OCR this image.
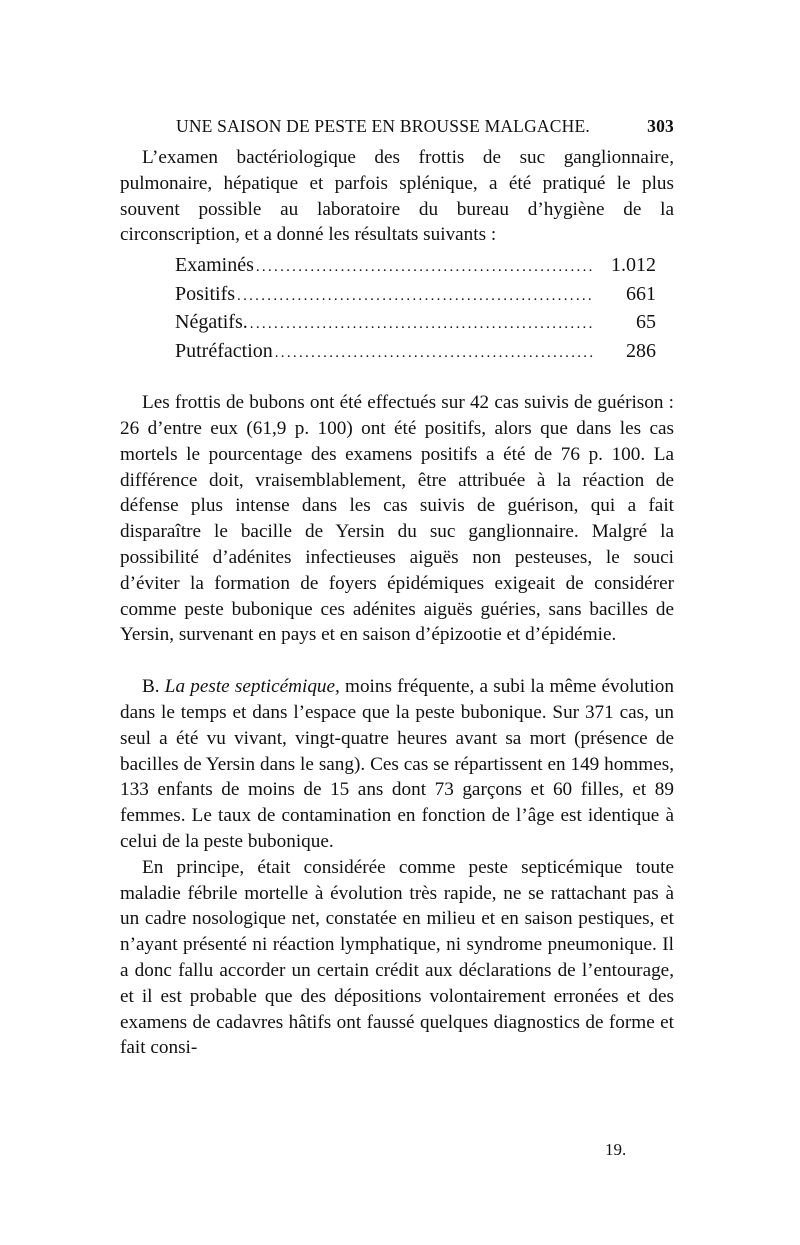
UNE SAISON DE PESTE EN BROUSSE MALGACHE.	303

L’examen bactériologique des frottis de suc ganglionnaire, pulmonaire, hépatique et parfois splénique, a été pratiqué le plus souvent possible au laboratoire du bureau d’hygiène de la circonscription, et a donné les résultats suivants :

Examinés .....	1.012
Positifs .....	661
Négatifs. .....	65
Putréfaction .....	286

Les frottis de bubons ont été effectués sur 42 cas suivis de guérison : 26 d’entre eux (61,9 p. 100) ont été positifs, alors que dans les cas mortels le pourcentage des examens positifs a été de 76 p. 100. La différence doit, vraisemblablement, être attribuée à la réaction de défense plus intense dans les cas suivis de guérison, qui a fait disparaître le bacille de Yersin du suc ganglionnaire. Malgré la possibilité d’adénites infectieuses aiguës non pesteuses, le souci d’éviter la formation de foyers épidémiques exigeait de considérer comme peste bubonique ces adénites aiguës guéries, sans bacilles de Yersin, survenant en pays et en saison d’épizootie et d’épidémie.

B. La peste septicémique, moins fréquente, a subi la même évolution dans le temps et dans l’espace que la peste bubonique. Sur 371 cas, un seul a été vu vivant, vingt-quatre heures avant sa mort (présence de bacilles de Yersin dans le sang). Ces cas se répartissent en 149 hommes, 133 enfants de moins de 15 ans dont 73 garçons et 60 filles, et 89 femmes. Le taux de contamination en fonction de l’âge est identique à celui de la peste bubonique.

En principe, était considérée comme peste septicémique toute maladie fébrile mortelle à évolution très rapide, ne se rattachant pas à un cadre nosologique net, constatée en milieu et en saison pestiques, et n’ayant présenté ni réaction lymphatique, ni syndrome pneumonique. Il a donc fallu accorder un certain crédit aux déclarations de l’entourage, et il est probable que des dépositions volontairement erronées et des examens de cadavres hâtifs ont faussé quelques diagnostics de forme et fait consi-

19.
